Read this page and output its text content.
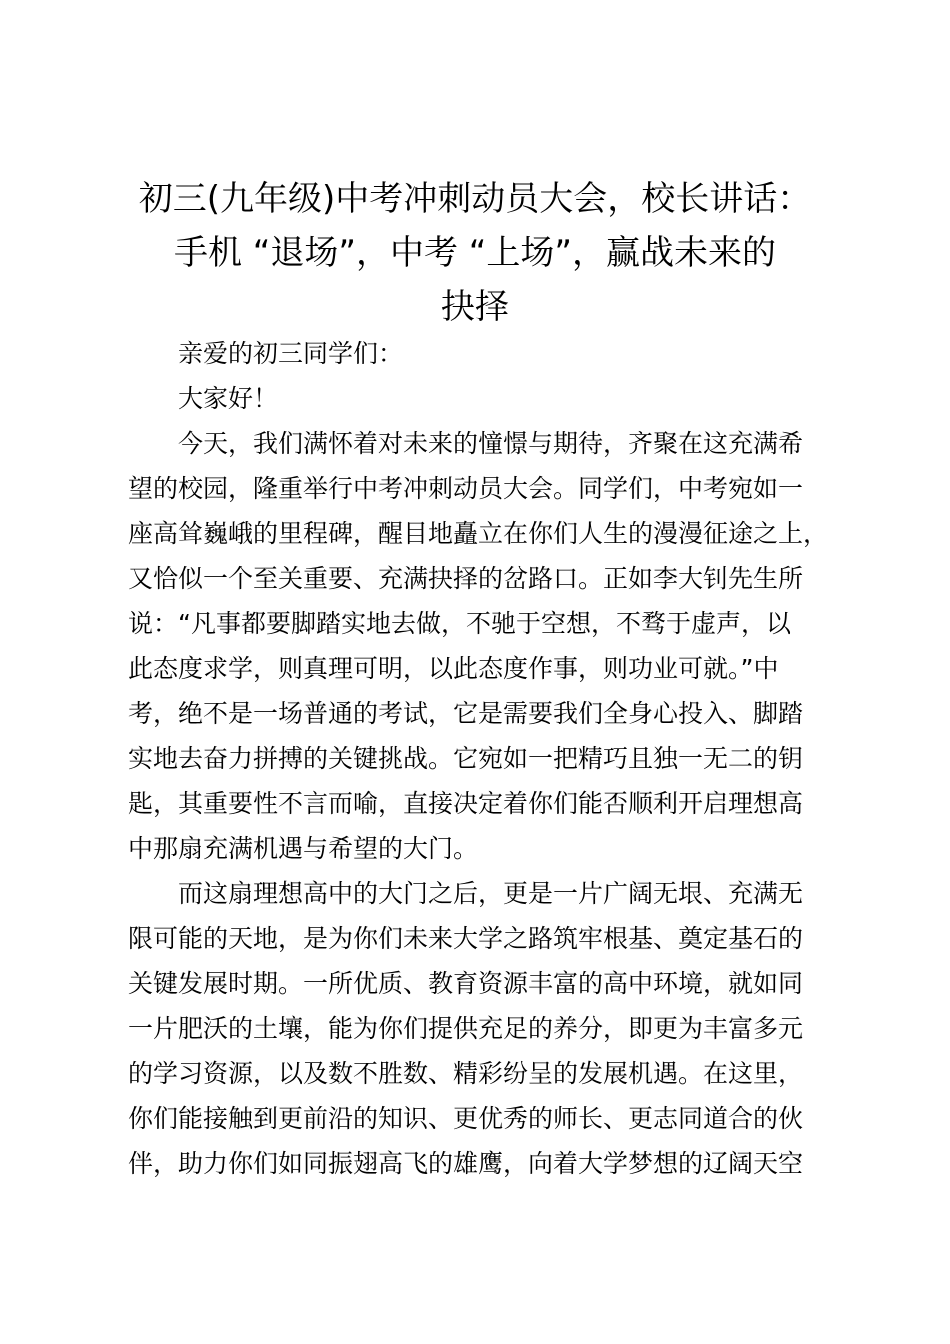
初三(九年级)中考冲刺动员大会，校长讲话：
手机 “退场”，中考 “上场”，赢战未来的
抉择
亲爱的初三同学们：
大家好！
今天，我们满怀着对未来的憧憬与期待，齐聚在这充满希
望的校园，隆重举行中考冲刺动员大会。同学们，中考宛如一
座高耸巍峨的里程碑，醒目地矗立在你们人生的漫漫征途之上，
又恰似一个至关重要、充满抉择的岔路口。正如李大钊先生所
说：“凡事都要脚踏实地去做，不驰于空想，不骛于虚声，以
此态度求学，则真理可明，以此态度作事，则功业可就。”中
考，绝不是一场普通的考试，它是需要我们全身心投入、脚踏
实地去奋力拼搏的关键挑战。它宛如一把精巧且独一无二的钥
匙，其重要性不言而喻，直接决定着你们能否顺利开启理想高
中那扇充满机遇与希望的大门。
而这扇理想高中的大门之后，更是一片广阔无垠、充满无
限可能的天地，是为你们未来大学之路筑牢根基、奠定基石的
关键发展时期。一所优质、教育资源丰富的高中环境，就如同
一片肥沃的土壤，能为你们提供充足的养分，即更为丰富多元
的学习资源，以及数不胜数、精彩纷呈的发展机遇。在这里，
你们能接触到更前沿的知识、更优秀的师长、更志同道合的伙
伴，助力你们如同振翅高飞的雄鹰，向着大学梦想的辽阔天空
